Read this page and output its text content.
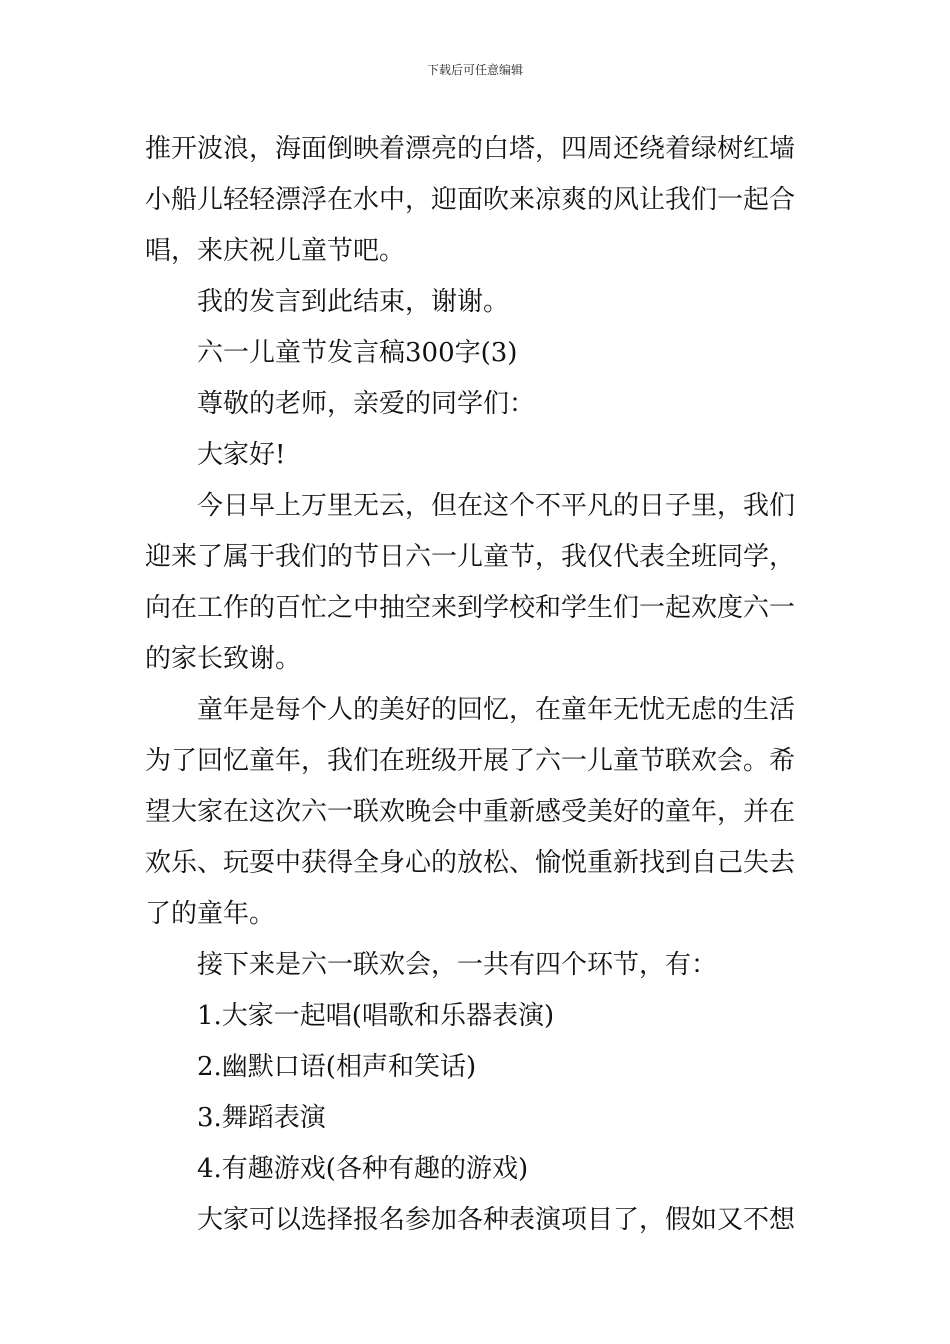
下载后可任意编辑
推开波浪，海面倒映着漂亮的白塔，四周还绕着绿树红墙
小船儿轻轻漂浮在水中，迎面吹来凉爽的风让我们一起合
唱，来庆祝儿童节吧。
我的发言到此结束，谢谢。
六一儿童节发言稿300字(3)
尊敬的老师，亲爱的同学们：
大家好!
今日早上万里无云，但在这个不平凡的日子里，我们
迎来了属于我们的节日六一儿童节，我仅代表全班同学，
向在工作的百忙之中抽空来到学校和学生们一起欢度六一
的家长致谢。
童年是每个人的美好的回忆，在童年无忧无虑的生活
为了回忆童年，我们在班级开展了六一儿童节联欢会。希
望大家在这次六一联欢晚会中重新感受美好的童年，并在
欢乐、玩耍中获得全身心的放松、愉悦重新找到自己失去
了的童年。
接下来是六一联欢会，一共有四个环节，有：
1.大家一起唱(唱歌和乐器表演)
2.幽默口语(相声和笑话)
3.舞蹈表演
4.有趣游戏(各种有趣的游戏)
大家可以选择报名参加各种表演项目了，假如又不想
